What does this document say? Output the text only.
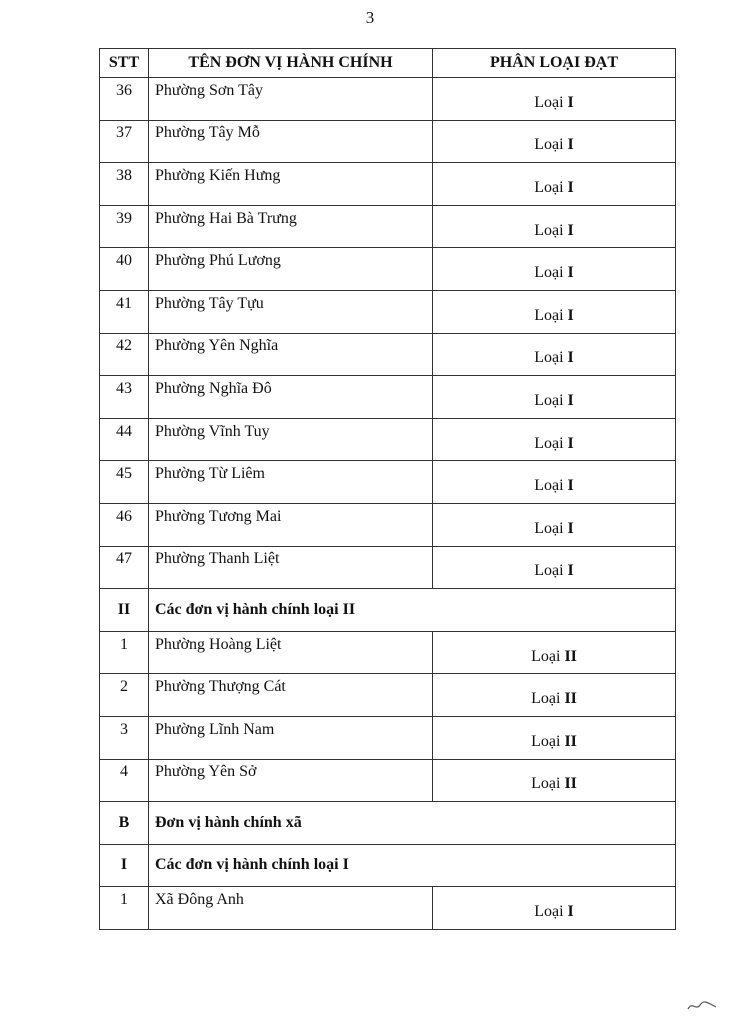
3
STT	TÊN ĐƠN VỊ HÀNH CHÍNH	PHÂN LOẠI ĐẠT
36	Phường Sơn Tây	Loại I
37	Phường Tây Mỗ	Loại I
38	Phường Kiến Hưng	Loại I
39	Phường Hai Bà Trưng	Loại I
40	Phường Phú Lương	Loại I
41	Phường Tây Tựu	Loại I
42	Phường Yên Nghĩa	Loại I
43	Phường Nghĩa Đô	Loại I
44	Phường Vĩnh Tuy	Loại I
45	Phường Từ Liêm	Loại I
46	Phường Tương Mai	Loại I
47	Phường Thanh Liệt	Loại I
II	Các đơn vị hành chính loại II	
1	Phường Hoàng Liệt	Loại II
2	Phường Thượng Cát	Loại II
3	Phường Lĩnh Nam	Loại II
4	Phường Yên Sở	Loại II
B	Đơn vị hành chính xã	
I	Các đơn vị hành chính loại I	
1	Xã Đông Anh	Loại I
